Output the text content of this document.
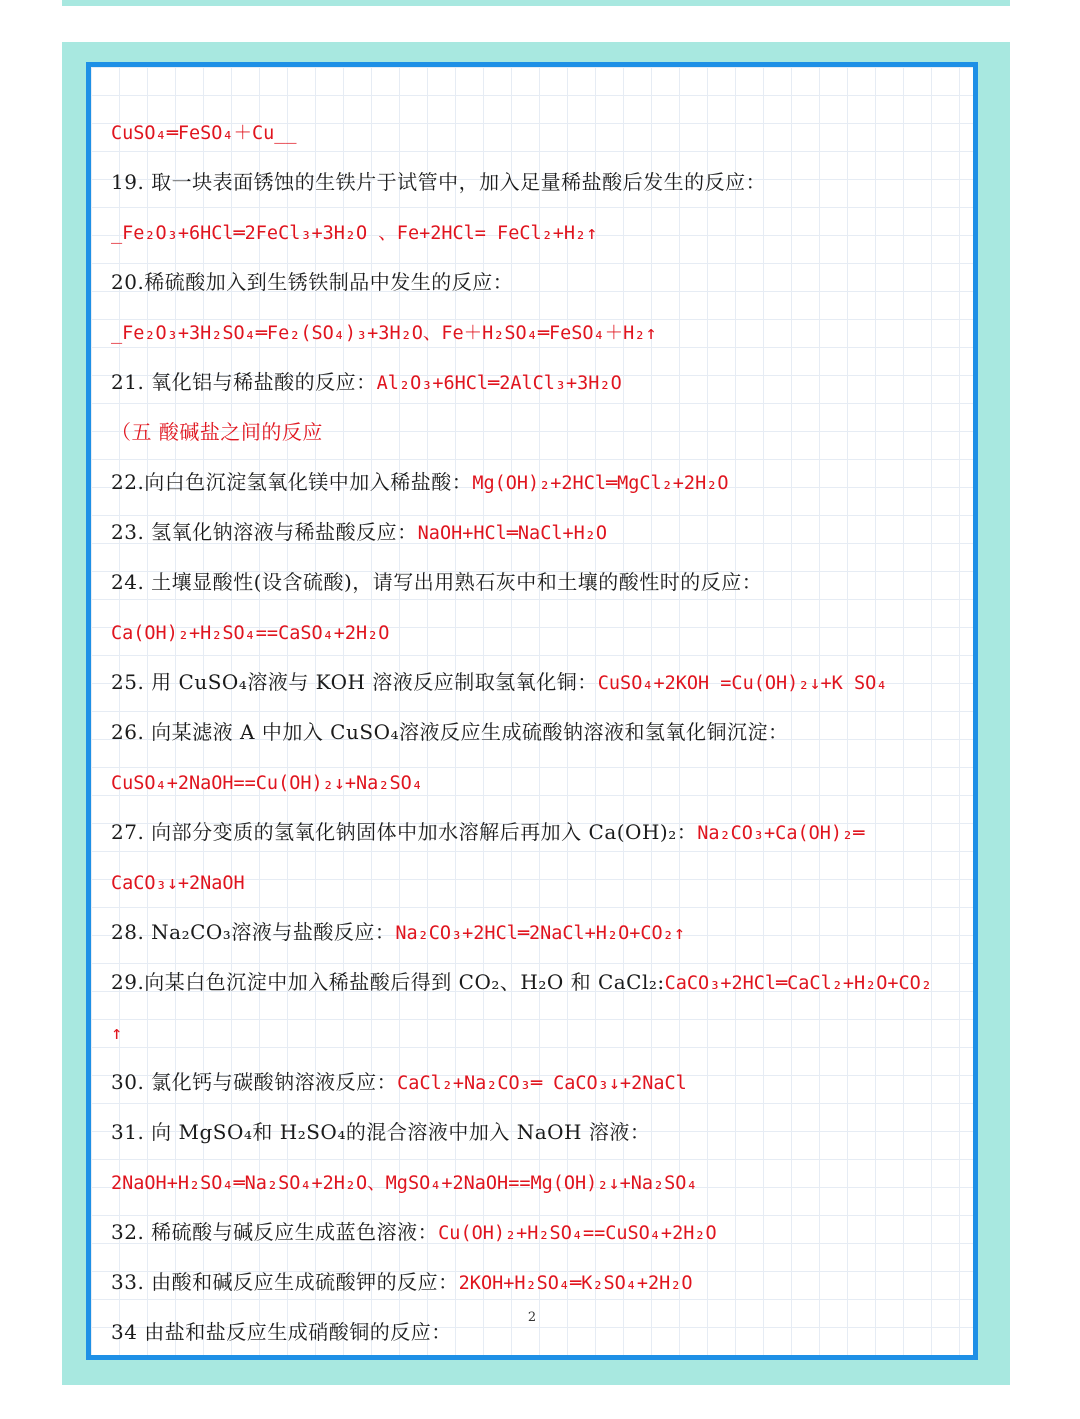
CuSO₄═FeSO₄＋Cu__
19. 取一块表面锈蚀的生铁片于试管中，加入足量稀盐酸后发生的反应：
_Fe₂O₃+6HCl═2FeCl₃+3H₂O 、Fe+2HCl= FeCl₂+H₂↑
20.稀硫酸加入到生锈铁制品中发生的反应：
_Fe₂O₃+3H₂SO₄═Fe₂(SO₄)₃+3H₂O、Fe＋H₂SO₄═FeSO₄＋H₂↑
21. 氧化铝与稀盐酸的反应：Al₂O₃+6HCl═2AlCl₃+3H₂O
（五 酸碱盐之间的反应
22.向白色沉淀氢氧化镁中加入稀盐酸：Mg(OH)₂+2HCl═MgCl₂+2H₂O
23. 氢氧化钠溶液与稀盐酸反应：NaOH+HCl═NaCl+H₂O
24. 土壤显酸性(设含硫酸)，请写出用熟石灰中和土壤的酸性时的反应：
Ca(OH)₂+H₂SO₄==CaSO₄+2H₂O
25. 用 CuSO₄溶液与 KOH 溶液反应制取氢氧化铜：CuSO₄+2KOH =Cu(OH)₂↓+K SO₄
26. 向某滤液 A 中加入 CuSO₄溶液反应生成硫酸钠溶液和氢氧化铜沉淀：
CuSO₄+2NaOH==Cu(OH)₂↓+Na₂SO₄
27. 向部分变质的氢氧化钠固体中加水溶解后再加入 Ca(OH)₂：Na₂CO₃+Ca(OH)₂═
CaCO₃↓+2NaOH
28. Na₂CO₃溶液与盐酸反应：Na₂CO₃+2HCl═2NaCl+H₂O+CO₂↑
29.向某白色沉淀中加入稀盐酸后得到 CO₂、H₂O 和 CaCl₂:CaCO₃+2HCl═CaCl₂+H₂O+CO₂
↑
30. 氯化钙与碳酸钠溶液反应：CaCl₂+Na₂CO₃═ CaCO₃↓+2NaCl
31. 向 MgSO₄和 H₂SO₄的混合溶液中加入 NaOH 溶液：
2NaOH+H₂SO₄═Na₂SO₄+2H₂O、MgSO₄+2NaOH==Mg(OH)₂↓+Na₂SO₄
32. 稀硫酸与碱反应生成蓝色溶液：Cu(OH)₂+H₂SO₄==CuSO₄+2H₂O
33. 由酸和碱反应生成硫酸钾的反应：2KOH+H₂SO₄═K₂SO₄+2H₂O
34 由盐和盐反应生成硝酸铜的反应：
2
